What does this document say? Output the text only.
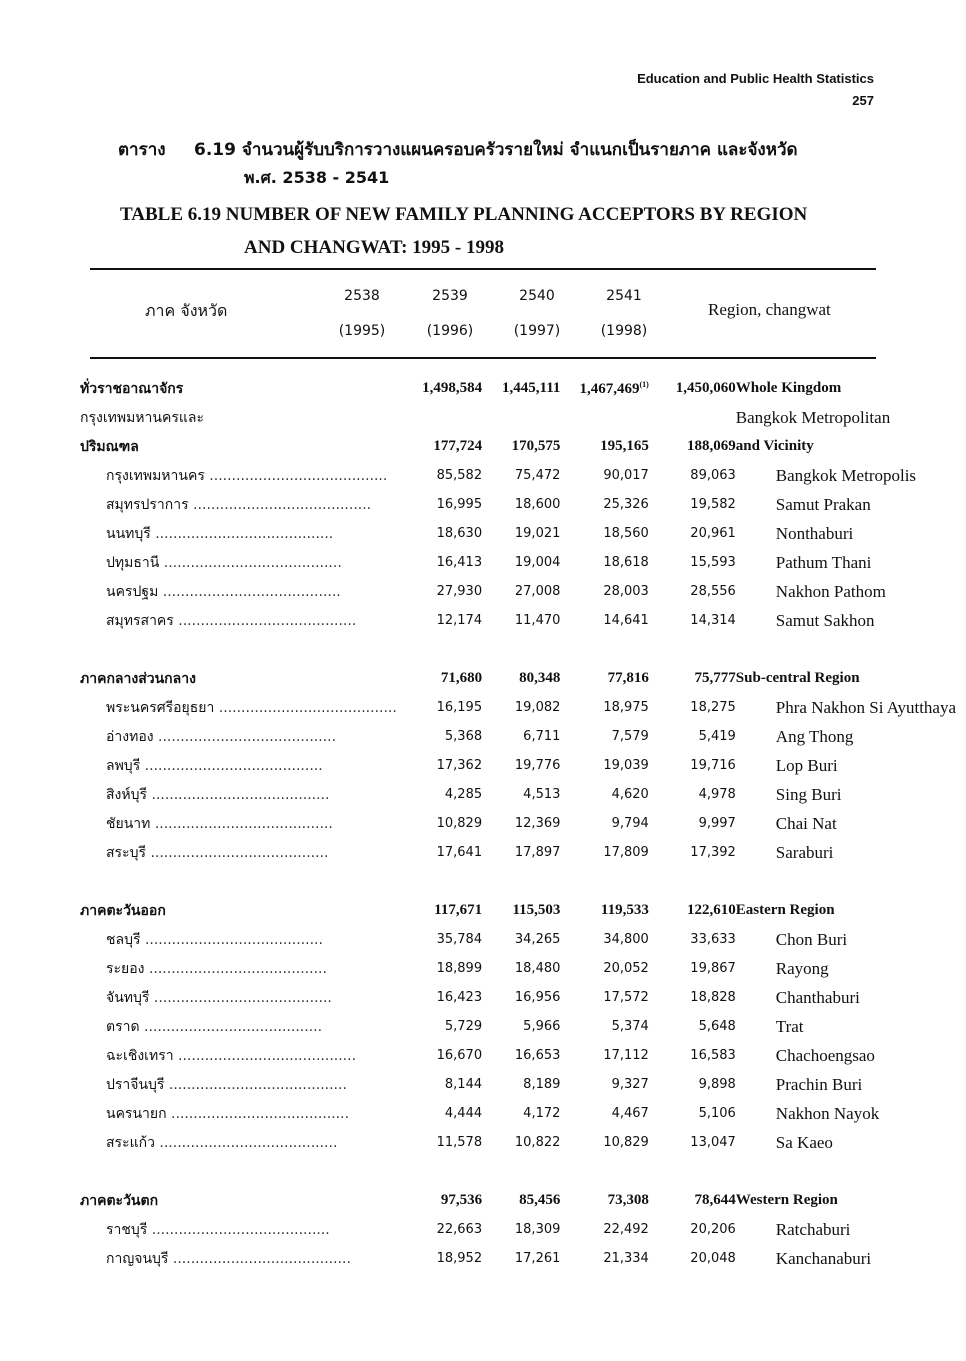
Education and Public Health Statistics
257
ตาราง 6.19 จำนวนผู้รับบริการวางแผนครอบครัวรายใหม่ จำแนกเป็นรายภาค และจังหวัด
พ.ศ. 2538 - 2541
TABLE 6.19 NUMBER OF NEW FAMILY PLANNING ACCEPTORS BY REGION
AND CHANGWAT: 1995 - 1998
ภาค จังหวัด
2538	2539	2540	2541
(1995)	(1996)	(1997)	(1998)
Region, changwat
ทั่วราชอาณาจักร	1,498,584	1,445,111	1,467,469$^{(1)}$	1,450,060	Whole Kingdom
กรุงเทพมหานครและ					Bangkok Metropolitan
ปริมณฑล	177,724	170,575	195,165	188,069	and Vicinity
กรุงเทพมหานคร ........................................	85,582	75,472	90,017	89,063	Bangkok Metropolis
สมุทรปราการ ........................................	16,995	18,600	25,326	19,582	Samut Prakan
นนทบุรี ........................................	18,630	19,021	18,560	20,961	Nonthaburi
ปทุมธานี ........................................	16,413	19,004	18,618	15,593	Pathum Thani
นครปฐม ........................................	27,930	27,008	28,003	28,556	Nakhon Pathom
สมุทรสาคร ........................................	12,174	11,470	14,641	14,314	Samut Sakhon

ภาคกลางส่วนกลาง	71,680	80,348	77,816	75,777	Sub-central Region
พระนครศรีอยุธยา ........................................	16,195	19,082	18,975	18,275	Phra Nakhon Si Ayutthaya
อ่างทอง ........................................	5,368	6,711	7,579	5,419	Ang Thong
ลพบุรี ........................................	17,362	19,776	19,039	19,716	Lop Buri
สิงห์บุรี ........................................	4,285	4,513	4,620	4,978	Sing Buri
ชัยนาท ........................................	10,829	12,369	9,794	9,997	Chai Nat
สระบุรี ........................................	17,641	17,897	17,809	17,392	Saraburi

ภาคตะวันออก	117,671	115,503	119,533	122,610	Eastern Region
ชลบุรี ........................................	35,784	34,265	34,800	33,633	Chon Buri
ระยอง ........................................	18,899	18,480	20,052	19,867	Rayong
จันทบุรี ........................................	16,423	16,956	17,572	18,828	Chanthaburi
ตราด ........................................	5,729	5,966	5,374	5,648	Trat
ฉะเชิงเทรา ........................................	16,670	16,653	17,112	16,583	Chachoengsao
ปราจีนบุรี ........................................	8,144	8,189	9,327	9,898	Prachin Buri
นครนายก ........................................	4,444	4,172	4,467	5,106	Nakhon Nayok
สระแก้ว ........................................	11,578	10,822	10,829	13,047	Sa Kaeo

ภาคตะวันตก	97,536	85,456	73,308	78,644	Western Region
ราชบุรี ........................................	22,663	18,309	22,492	20,206	Ratchaburi
กาญจนบุรี ........................................	18,952	17,261	21,334	20,048	Kanchanaburi
